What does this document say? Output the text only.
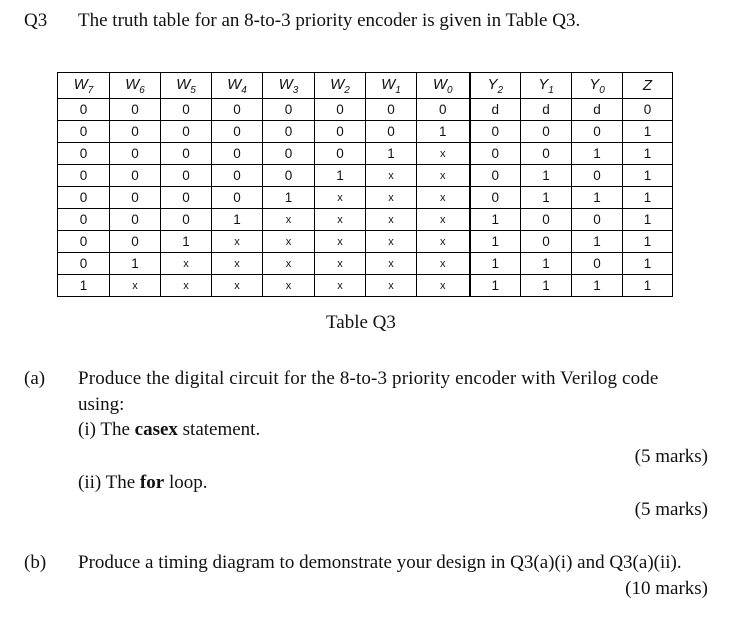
Q3 The truth table for an 8-to-3 priority encoder is given in Table Q3.
$W_7$	$W_6$	$W_5$	$W_4$	$W_3$	$W_2$	$W_1$	$W_0$	$Y_2$	$Y_1$	$Y_0$	Z
0	0	0	0	0	0	0	0	d	d	d	0
0	0	0	0	0	0	0	1	0	0	0	1
0	0	0	0	0	0	1	x	0	0	1	1
0	0	0	0	0	1	x	x	0	1	0	1
0	0	0	0	1	x	x	x	0	1	1	1
0	0	0	1	x	x	x	x	1	0	0	1
0	0	1	x	x	x	x	x	1	0	1	1
0	1	x	x	x	x	x	x	1	1	0	1
1	x	x	x	x	x	x	x	1	1	1	1
Table Q3
(a) Produce the digital circuit for the 8-to-3 priority encoder with Verilog code
using:
(i) The casex statement.
(5 marks)
(ii) The for loop.
(5 marks)
(b) Produce a timing diagram to demonstrate your design in Q3(a)(i) and Q3(a)(ii).
(10 marks)
